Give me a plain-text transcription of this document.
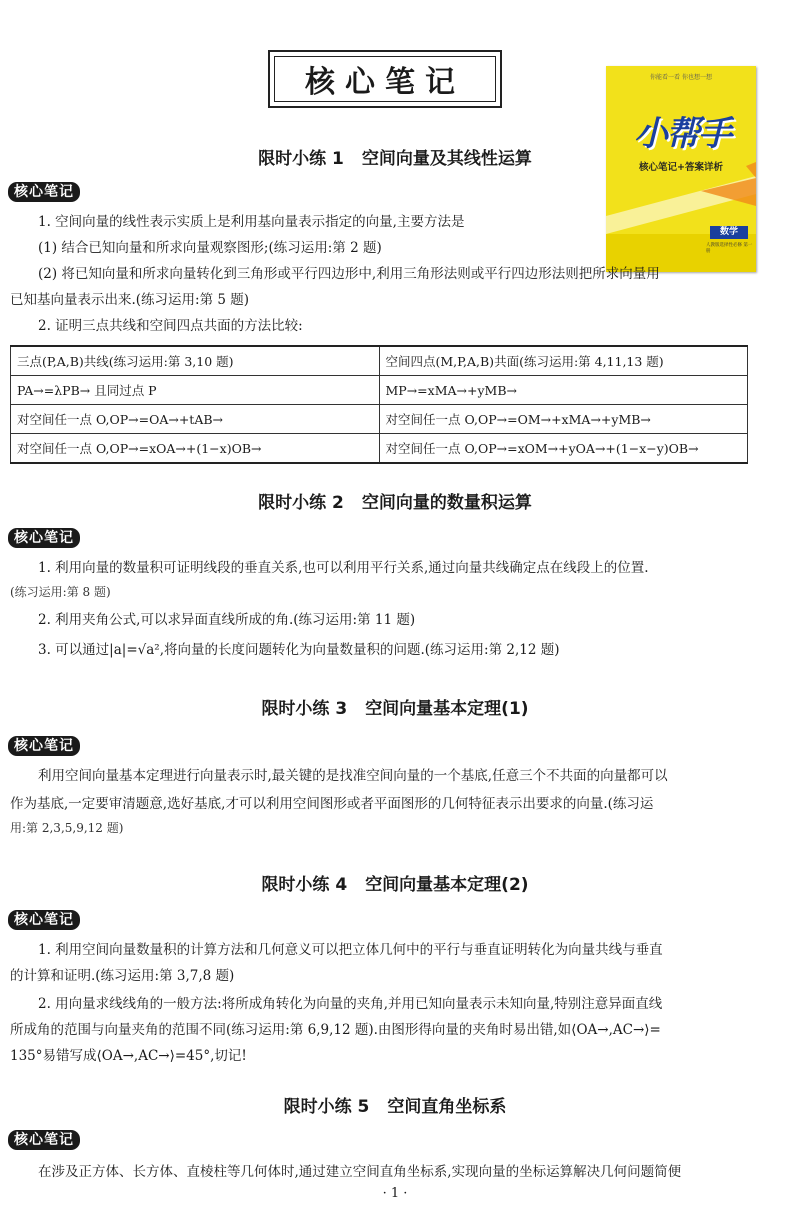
核心笔记	你能看一看 你也想一想
小帮手
核心笔记+答案详析
数学
人教版选择性必修 第一册
限时小练 1 空间向量及其线性运算
核心笔记
1. 空间向量的线性表示实质上是利用基向量表示指定的向量,主要方法是
(1) 结合已知向量和所求向量观察图形;(练习运用:第 2 题)
(2) 将已知向量和所求向量转化到三角形或平行四边形中,利用三角形法则或平行四边形法则把所求向量用
已知基向量表示出来.(练习运用:第 5 题)
2. 证明三点共线和空间四点共面的方法比较:
三点(P,A,B)共线(练习运用:第 3,10 题)	空间四点(M,P,A,B)共面(练习运用:第 4,11,13 题)
PA→=λPB→ 且同过点 P	MP→=xMA→+yMB→
对空间任一点 O,OP→=OA→+tAB→	对空间任一点 O,OP→=OM→+xMA→+yMB→
对空间任一点 O,OP→=xOA→+(1−x)OB→	对空间任一点 O,OP→=xOM→+yOA→+(1−x−y)OB→
限时小练 2 空间向量的数量积运算
核心笔记
1. 利用向量的数量积可证明线段的垂直关系,也可以利用平行关系,通过向量共线确定点在线段上的位置.
(练习运用:第 8 题)
2. 利用夹角公式,可以求异面直线所成的角.(练习运用:第 11 题)
3. 可以通过|a|=√a²,将向量的长度问题转化为向量数量积的问题.(练习运用:第 2,12 题)
限时小练 3 空间向量基本定理(1)
核心笔记
利用空间向量基本定理进行向量表示时,最关键的是找准空间向量的一个基底,任意三个不共面的向量都可以
作为基底,一定要审清题意,选好基底,才可以利用空间图形或者平面图形的几何特征表示出要求的向量.(练习运
用:第 2,3,5,9,12 题)
限时小练 4 空间向量基本定理(2)
核心笔记
1. 利用空间向量数量积的计算方法和几何意义可以把立体几何中的平行与垂直证明转化为向量共线与垂直
的计算和证明.(练习运用:第 3,7,8 题)
2. 用向量求线线角的一般方法:将所成角转化为向量的夹角,并用已知向量表示未知向量,特别注意异面直线
所成角的范围与向量夹角的范围不同(练习运用:第 6,9,12 题).由图形得向量的夹角时易出错,如⟨OA→,AC→⟩=
135°易错写成⟨OA→,AC→⟩=45°,切记!
限时小练 5 空间直角坐标系
核心笔记
在涉及正方体、长方体、直棱柱等几何体时,通过建立空间直角坐标系,实现向量的坐标运算解决几何问题简便
· 1 ·
